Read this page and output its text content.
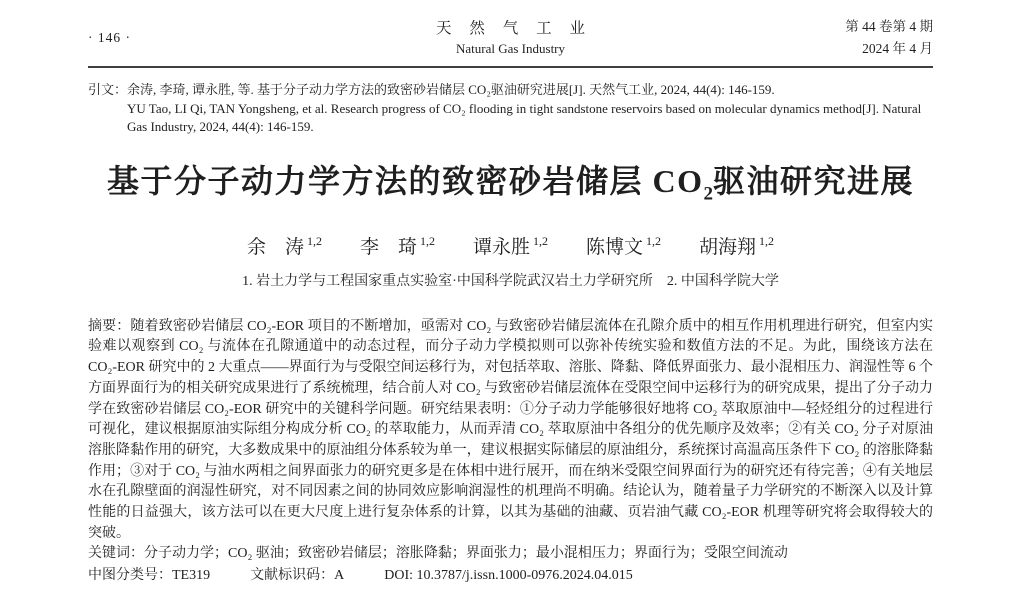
· 146 ·
天 然 气 工 业
Natural Gas Industry
第 44 卷第 4 期
2024 年 4 月
引文： 余涛, 李琦, 谭永胜, 等. 基于分子动力学方法的致密砂岩储层 CO₂驱油研究进展[J]. 天然气工业, 2024, 44(4): 146-159.

YU Tao, LI Qi, TAN Yongsheng, et al. Research progress of CO₂ flooding in tight sandstone reservoirs based on molecular dynamics method[J]. Natural Gas Industry, 2024, 44(4): 146-159.

基于分子动力学方法的致密砂岩储层 $CO_2$驱油研究进展
余　涛 $^{1,2}$ 李　琦 $^{1,2}$ 谭永胜 $^{1,2}$ 陈博文 $^{1,2}$ 胡海翔 $^{1,2}$
1. 岩土力学与工程国家重点实验室·中国科学院武汉岩土力学研究所　2. 中国科学院大学

摘要：随着致密砂岩储层 CO₂-EOR 项目的不断增加，亟需对 CO₂ 与致密砂岩储层流体在孔隙介质中的相互作用机理进行研究，但室内实验难以观察到 CO₂ 与流体在孔隙通道中的动态过程，而分子动力学模拟则可以弥补传统实验和数值方法的不足。为此，围绕该方法在 CO₂-EOR 研究中的 2 大重点——界面行为与受限空间运移行为，对包括萃取、溶胀、降黏、降低界面张力、最小混相压力、润湿性等 6 个方面界面行为的相关研究成果进行了系统梳理，结合前人对 CO₂ 与致密砂岩储层流体在受限空间中运移行为的研究成果，提出了分子动力学在致密砂岩储层 CO₂-EOR 研究中的关键科学问题。研究结果表明：①分子动力学能够很好地将 CO₂ 萃取原油中—轻烃组分的过程进行可视化，建议根据原油实际组分构成分析 CO₂ 的萃取能力，从而弄清 CO₂ 萃取原油中各组分的优先顺序及效率；②有关 CO₂ 分子对原油溶胀降黏作用的研究，大多数成果中的原油组分体系较为单一，建议根据实际储层的原油组分，系统探讨高温高压条件下 CO₂ 的溶胀降黏作用；③对于 CO₂ 与油水两相之间界面张力的研究更多是在体相中进行展开，而在纳米受限空间界面行为的研究还有待完善；④有关地层水在孔隙壁面的润湿性研究，对不同因素之间的协同效应影响润湿性的机理尚不明确。结论认为，随着量子力学研究的不断深入以及计算性能的日益强大，该方法可以在更大尺度上进行复杂体系的计算，以其为基础的油藏、页岩油气藏 CO₂-EOR 机理等研究将会取得较大的突破。

关键词：分子动力学；CO₂ 驱油；致密砂岩储层；溶胀降黏；界面张力；最小混相压力；界面行为；受限空间流动

中图分类号：TE319	文献标识码：A	DOI: 10.3787/j.issn.1000-0976.2024.04.015
